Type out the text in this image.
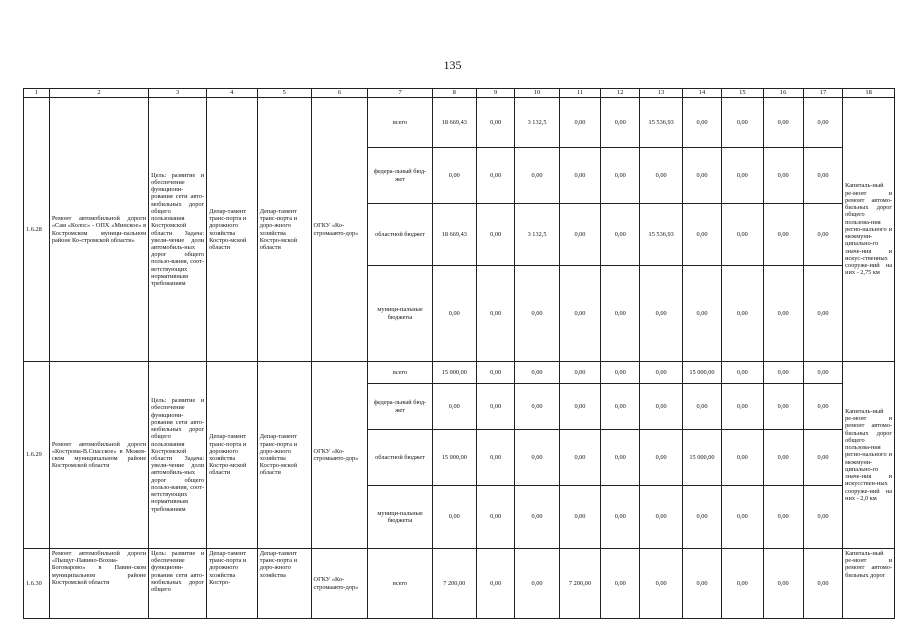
135
1	2	3	4	5	6	7	8	9	10	11	12	13	14	15	16	17	18
1.6.28	Ремонт автомобильной дороги «Сам «Колос» - ОПХ «Минское» в Костромском муници-пальном районе Ко-стромской области»	Цель: развитие и обеспечение функциони-рования сети авто-мобильных дорог общего пользования Костромской области Задача: увели-чение доли автомобиль-ных дорог общего пользо-вания, соот-ветствующих нормативным требованиям	Депар-тамент транс-порта и дорожного хозяйства Костро-мской области	Депар-тамент транс-порта и доро-жного хозяйства Костро-мской области	ОГКУ «Ко-стромаавто-дор»	всего	18 669,43	0,00	3 132,5	0,00	0,00	15 536,93	0,00	0,00	0,00	0,00	Капиталь-ный ре-монт и ремонт автомо-бильных дорог общего пользова-ния регио-нального и межмуни-ципально-го значе-ния и искус-ственных сооруже-ний на них - 2,75 км
						федера-льный бюд-жет	0,00	0,00	0,00	0,00	0,00	0,00	0,00	0,00	0,00	0,00	
						областной бюджет	18 669,43	0,00	3 132,5	0,00	0,00	15 536,93	0,00	0,00	0,00	0,00	
						муници-пальные бюджеты	0,00	0,00	0,00	0,00	0,00	0,00	0,00	0,00	0,00	0,00	
1.6.29	Ремонт автомобильной дороги «Кострома-В.Спасское» в Межев-ском муниципальном районе Костромской области	Цель: развитие и обеспечение функциони-рования сети авто-мобильных дорог общего пользования Костромской области Задача: увели-чение доли автомобиль-ных дорог общего пользо-вания, соот-ветствующих нормативным требованиям	Депар-тамент транс-порта и дорожного хозяйства Костро-мской области	Депар-тамент транс-порта и доро-жного хозяйства Костро-мской области	ОГКУ «Ко-стромаавто-дор»	всего	15 000,00	0,00	0,00	0,00	0,00	0,00	15 000,00	0,00	0,00	0,00	Капиталь-ный ре-монт и ремонт автомо-бильных дорог общего пользова-ния регио-нального и межмуни-ципально-го значе-ния и искусствен-ных сооруже-ний на них - 2,0 км
						федера-льный бюд-жет	0,00	0,00	0,00	0,00	0,00	0,00	0,00	0,00	0,00	0,00	
						областной бюджет	15 000,00	0,00	0,00	0,00	0,00	0,00	15 000,00	0,00	0,00	0,00	
						муници-пальные бюджеты	0,00	0,00	0,00	0,00	0,00	0,00	0,00	0,00	0,00	0,00	
1.6.30	Ремонт автомобильной дороги «Пыщуг-Павино-Вохма-Боговарово» в Павин-ском муниципальном районе Костромской области	Цель: развитие и обеспечение функциони-рования сети авто-мобильных дорог общего	Депар-тамент транс-порта и дорожного хозяйства Костро-	Депар-тамент транс-порта и доро-жного хозяйства	ОГКУ «Ко-стромаавто-дор»	всего	7 200,00	0,00	0,00	7 200,00	0,00	0,00	0,00	0,00	0,00	0,00	Капиталь-ный ре-монт и ремонт автомо-бильных дорог
